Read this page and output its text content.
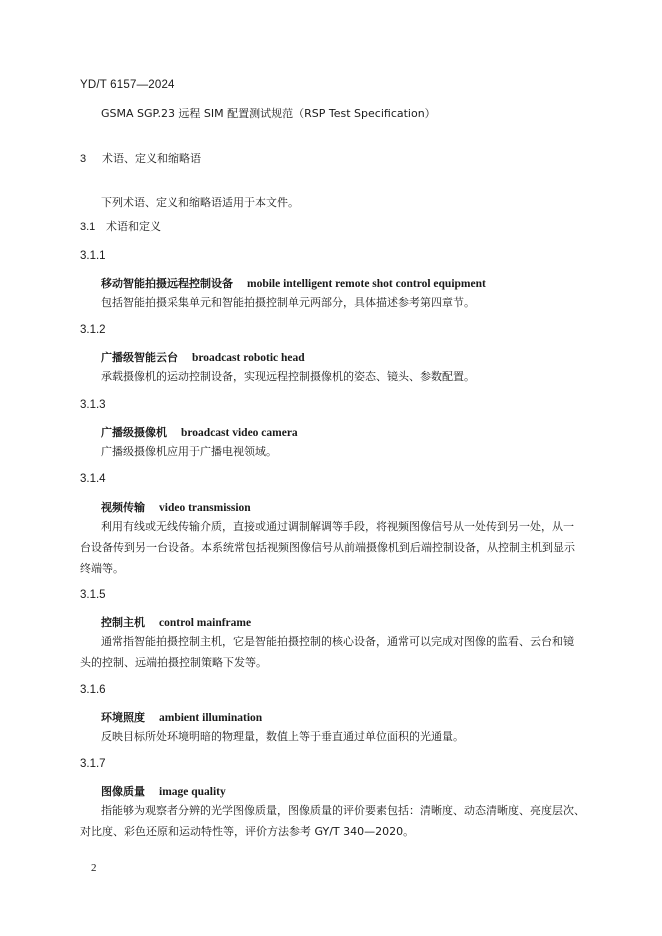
YD/T 6157—2024
GSMA SGP.23 远程 SIM 配置测试规范（RSP Test Specification）
3 术语、定义和缩略语
下列术语、定义和缩略语适用于本文件。
3.1 术语和定义
3.1.1
移动智能拍摄远程控制设备 mobile intelligent remote shot control equipment
包括智能拍摄采集单元和智能拍摄控制单元两部分，具体描述参考第四章节。
3.1.2
广播级智能云台 broadcast robotic head
承载摄像机的运动控制设备，实现远程控制摄像机的姿态、镜头、参数配置。
3.1.3
广播级摄像机 broadcast video camera
广播级摄像机应用于广播电视领域。
3.1.4
视频传输 video transmission
利用有线或无线传输介质，直接或通过调制解调等手段，将视频图像信号从一处传到另一处，从一
台设备传到另一台设备。本系统常包括视频图像信号从前端摄像机到后端控制设备，从控制主机到显示
终端等。
3.1.5
控制主机 control mainframe
通常指智能拍摄控制主机，它是智能拍摄控制的核心设备，通常可以完成对图像的监看、云台和镜
头的控制、远端拍摄控制策略下发等。
3.1.6
环境照度 ambient illumination
反映目标所处环境明暗的物理量，数值上等于垂直通过单位面积的光通量。
3.1.7
图像质量 image quality
指能够为观察者分辨的光学图像质量，图像质量的评价要素包括：清晰度、动态清晰度、亮度层次、
对比度、彩色还原和运动特性等，评价方法参考 GY/T 340—2020。
2
